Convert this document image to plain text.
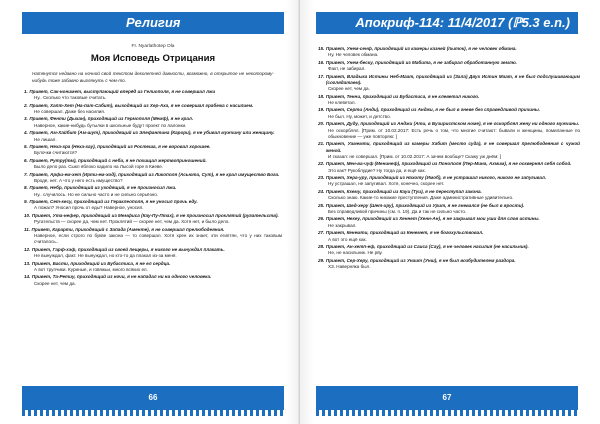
Религия
Fr. Nyarlathotep Ola
Моя Исповедь Отрицания
Натянутся недавно на ночной свой текстом деколетней давности, возможно, в открытое не некоторому-нибудь тоже забавно выглянуть с чем-то.
1. Привет, Сак-нонимет, выступающий вперёд из Гелиополя, я не совершал лжи
Ну.. Сколько что таковые считать.
2. Привет, Хапт-Хет (На-пат-Сабит), выходящий из Хер-Аха, я не совершал грабежа с насилием.
Не совершал. Даже без насилия.
3. Привет, Фенти (Дыхан), приходящий из Гермополя (Мемф), я не крал.
Наверное, какие-нибудь бутылки в школьные будут проект по лалонки.
4. Привет, Ам-Хайбит (Ам-шут), приходящий из Элефантина (Карори), я не убивал мужчину или женщину.
Не лишал.
5. Привет, Неха-хра (Неха-хау), приходящий из Ростеша, я не воровал хорошее.
Булочки считаются?
6. Привет, Рутру(тм), приходящий с неба, я не похищал жертвоприношений.
Было дело раз. Сыкл яблоко кадило на Лысой горе в Киеве.
7. Привет, Арфи-ем-хет (Ирти-ем-ход), приходящий из Ликополя (Асьюта, Сут), я не крал имущество Бога.
Вроде, нет. А что у него есть имущество?
8. Привет, Небр, приходящий из уходящий, я не произносил лжи.
Ну.. случилось. Но не сильно часто и не сильно серьёзно.
9. Привет, Сет-кесу, приходящий из Гераклеополя, я не уносил прочь еду.
А пожал? Уносил прочь от еды? Наверное, уносил.
10. Привет, Ута-нефер, приходящий из Мемфиса (Кау-Пу-Птах), я не произносил проклятий (ругательств).
Ругательств — скорее да, чем нет. Проклятий — скорее нет, чем да. Хотя нет, и было дело.
11. Привет, Карарти, приходящий с Запада (Аменте), я не совершал прелюбодеяния.
Наверное, если строго по букве закона — то совершал. Хотя хрен их знает, эти египтян, что у них таковым считалось..
12. Привет, Гарф-хэф, приходящий из своей пещеры, я никого не вынуждал плакать.
Не вынуждал, факт. Не вынуждал, но кто-то да плакал из-за меня.
13. Привет, Басти, приходящий из Бубастиса, я не ел сердца.
А вот трупчики. Куриные, и говяжьи, много всяких ел.
14. Привет, Та-Ретиу, приходящий из ночи, я не нападал ни на одного человека.
Скорее нет, чем да.
66
Апокриф-114: 11/4/2017 (ℙ5.3 e.n.)
15. Привет, Унем-сенф, приходящий из камеры казней (пыток), я не человек обмана.
Ну. Не человек обмана.
16. Привет, Унем-беску, приходящий из Мабита, я не забирал обработанную землю.
Факт, не забирал.
17. Привет, Владыка Истины Неб-Маат, приходящий из (Зала) Двух Истин Маат, я не был подслушивающим (соглядатаем).
Скорее нет, чем да.
18. Привет, Тенни, приходящий из Бубастиса, я не клеветал никого.
Не клеветал.
19. Привет, Серти (Анди), приходящий из Анджи, я не был в гневе без справедливой причины.
Не был. Ну, может, и детство.
20. Привет, Дуду, приходящий из Анджи (Ати, в Бузиристском номе), я не оскорблял жену ни одного мужчины.
Не оскорблял. [Прим. от 10.02.2017: Есть речь о том, что многие считают: бывали и женщины, помиланные по обыкновение — уже повторяю: ]
21. Привет, Уамемти, приходящий из камеры Хабит (место суда), я не совершал прелюбодеяния с чужой женой.
И сказал: не совершал. [Прим. от 10.02.2017: А зачем вообще? Скажу уж днём: ]
22. Привет, Мен-ва-чуф (Менинеф), приходящий из Понополя (Пер-Мина, Ахмим), я не осквернял себя собой.
Это как? Рукоблудие? Ну тогда да, и ещё как.
23. Привет, Хера-уру, приходящий из Нахоту (Имоб), я не устрашал никого, никого не запугивал.
Ну устрашал, не запугивал. Хотя, конечно, скорее нет.
24. Привет, Кхему, приходящий из Кауи (Туи), я не переступал закона.
Сколько знаю. Какие-то никакие преступления. Даже административные удивительно.
25. Привет, Шед-херу (Шет-хру), приходящий из Урит, я не гневался (не был в ярости).
Без справедливой причины (см. п. 19). Да и так не сильно часто.
26. Привет, Нехеу, приходящий из Хеннет (Хенн-Ан), я не закрывал мои уши для слов истины.
Не закрывал.
27. Привет, Кенемти, приходящий из Кенемет, я не богохульствовал.
А вот это ещё как.
28. Привет, Ан-хетп-еф, приходящий из Саиса (Сау), я не человек насилия (не насильник).
Не, не насильник. Не рву.
29. Привет, Сер-Херу, приходящий из Унаит (Унш), я не был возбудителем раздора.
ХЗ. Наверняка был.
67
